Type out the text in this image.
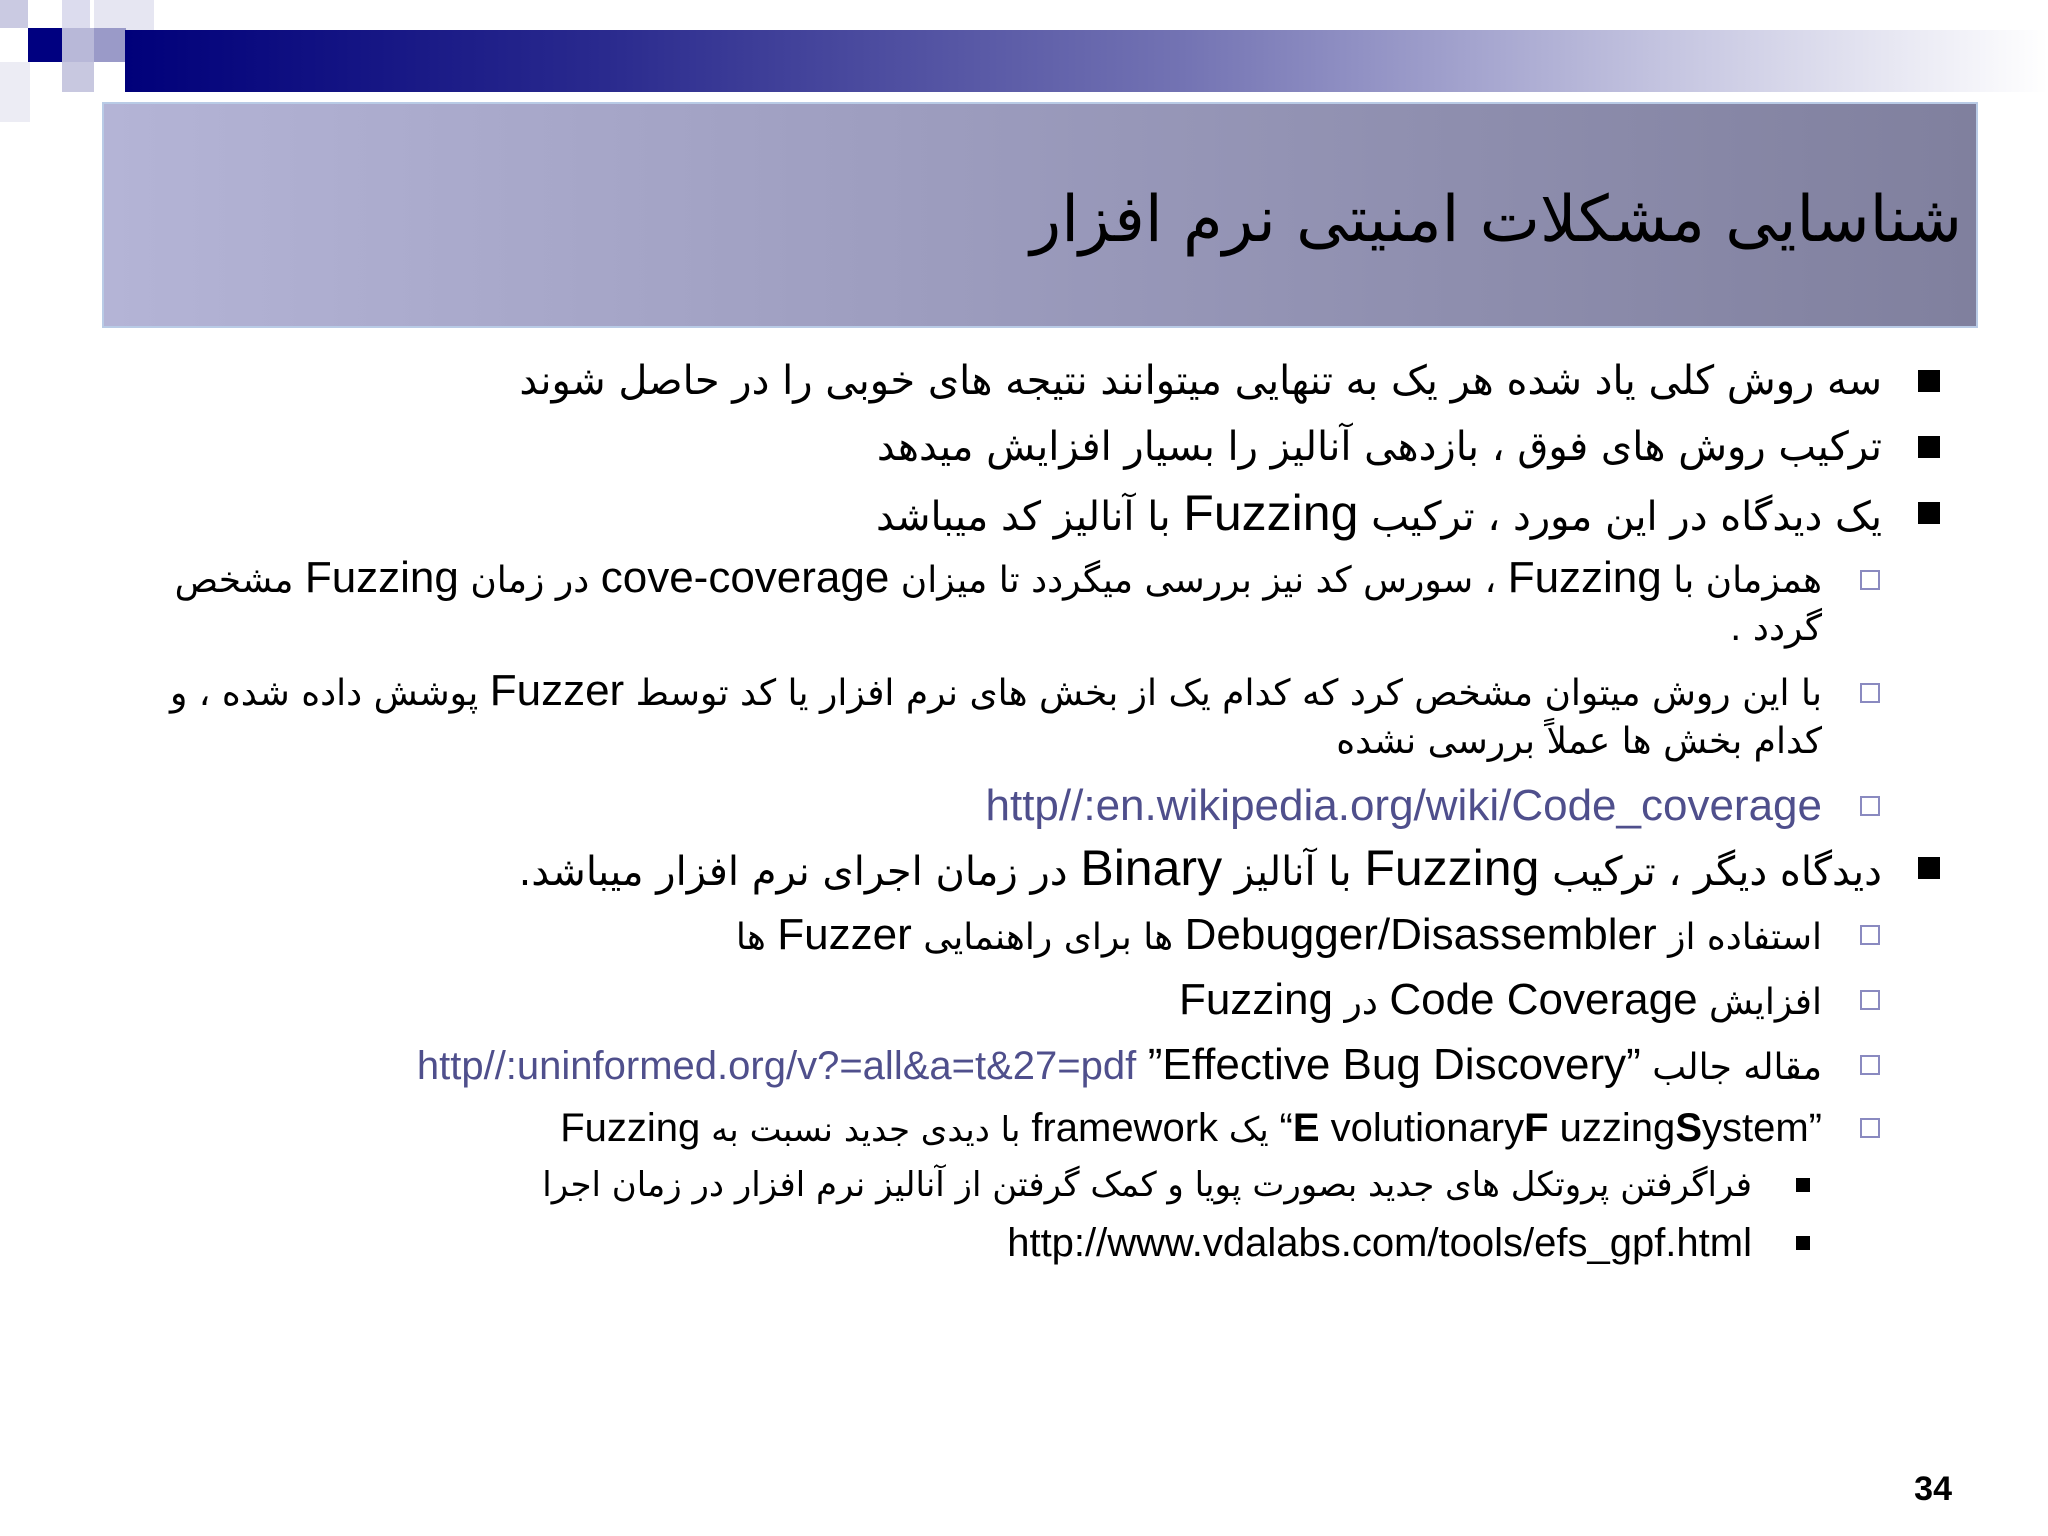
شناسایی مشکلات امنیتی نرم افزار
سه روش کلی یاد شده هر یک به تنهایی میتوانند نتیجه های خوبی را در حاصل شوند
ترکیب روش های فوق ، بازدهی آنالیز را بسیار افزایش میدهد
یک دیدگاه در این مورد ، ترکیب Fuzzing با آنالیز کد میباشد
همزمان با Fuzzing ، سورس کد نیز بررسی میگردد تا میزان cove-coverage در زمان Fuzzing مشخص گردد .
با این روش میتوان مشخص کرد که کدام یک از بخش های نرم افزار یا کد توسط Fuzzer پوشش داده شده ، و کدام بخش ها عملاً بررسی نشده
http//:en.wikipedia.org/wiki/Code_coverage
دیدگاه دیگر ، ترکیب Fuzzing با آنالیز Binary در زمان اجرای نرم افزار میباشد.
استفاده از Debugger/Disassembler ها برای راهنمایی Fuzzer ها
افزایش Code Coverage در Fuzzing
مقاله جالب ”Effective Bug Discovery” http//:uninformed.org/v?=all&a=t&27=pdf
“E volutionaryF uzzingSystem” یک framework با دیدی جدید نسبت به Fuzzing
فراگرفتن پروتکل های جدید بصورت پویا و کمک گرفتن از آنالیز نرم افزار در زمان اجرا
http://www.vdalabs.com/tools/efs_gpf.html
34
